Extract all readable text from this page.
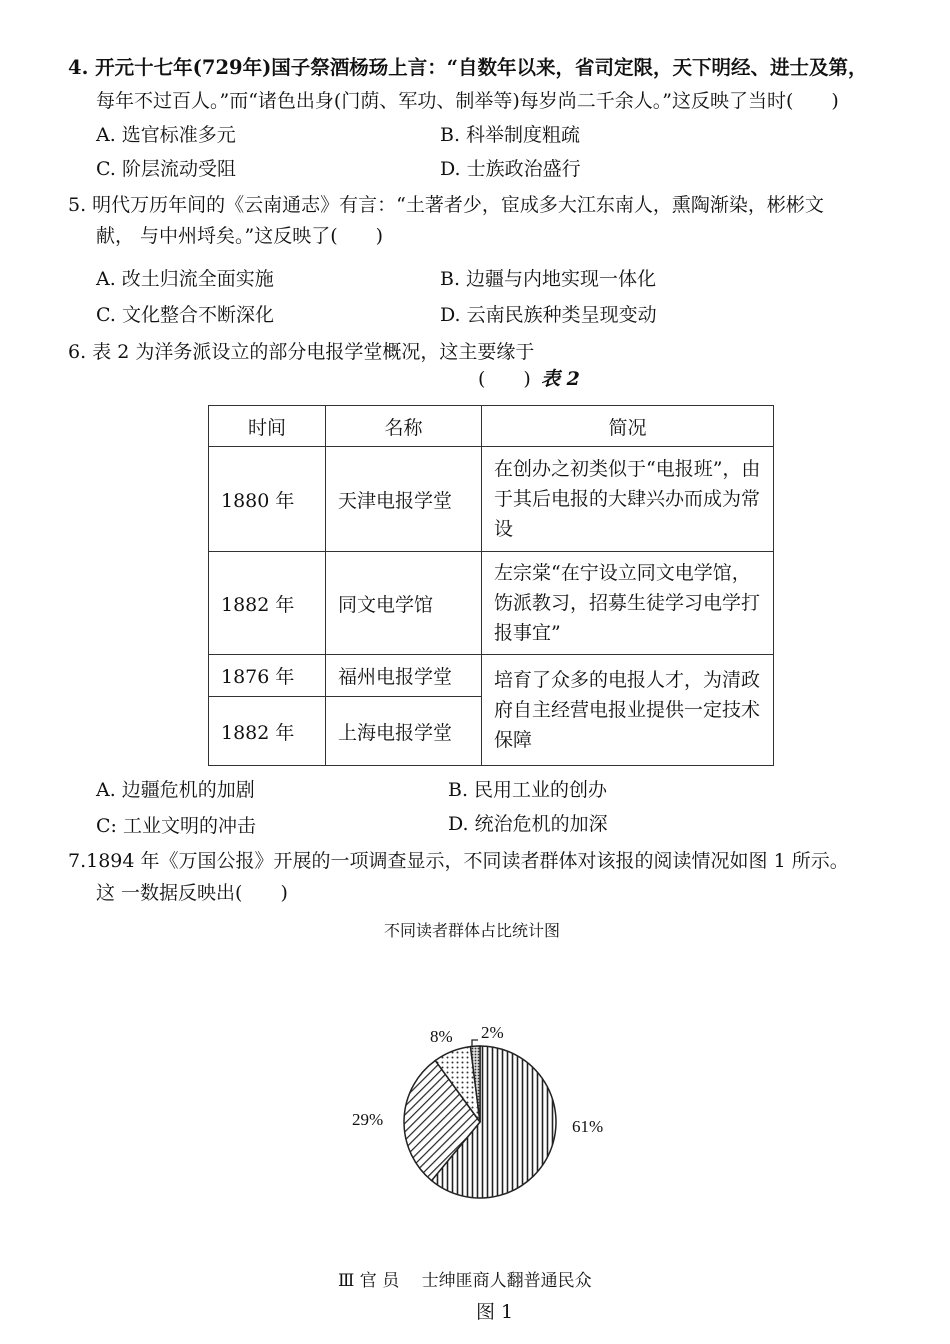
4. 开元十七年(729年)国子祭酒杨玚上言：“自数年以来，省司定限，天下明经、进士及第，
每年不过百人。”而“诸色出身(门荫、军功、制举等)每岁尚二千余人。”这反映了当时(　　)
A. 选官标准多元	B. 科举制度粗疏
C. 阶层流动受阻	D. 士族政治盛行
5. 明代万历年间的《云南通志》有言：“土著者少，宦成多大江东南人，熏陶渐染，彬彬文
献， 与中州埒矣。”这反映了(　　)
A. 改土归流全面实施	B. 边疆与内地实现一体化
C. 文化整合不断深化	D. 云南民族种类呈现变动
6. 表 2 为洋务派设立的部分电报学堂概况，这主要缘于
(　　) 表 2
时间	名称	简况
1880 年	天津电报学堂	在创办之初类似于“电报班”，由于其后电报的大肆兴办而成为常设
1882 年	同文电学馆	左宗棠“在宁设立同文电学馆，饬派教习，招募生徒学习电学打报事宜”
1876 年	福州电报学堂	培育了众多的电报人才，为清政府自主经营电报业提供一定技术保障
1882 年	上海电报学堂	
A. 边疆危机的加剧	B. 民用工业的创办
C: 工业文明的冲击	D. 统治危机的加深
7.1894 年《万国公报》开展的一项调查显示，不同读者群体对该报的阅读情况如图 1 所示。
这 一数据反映出(　　)
不同读者群体占比统计图
61%
29%
8% 2%
Ⅲ 官 员　 士绅匪商人翻普通民众
图 1
